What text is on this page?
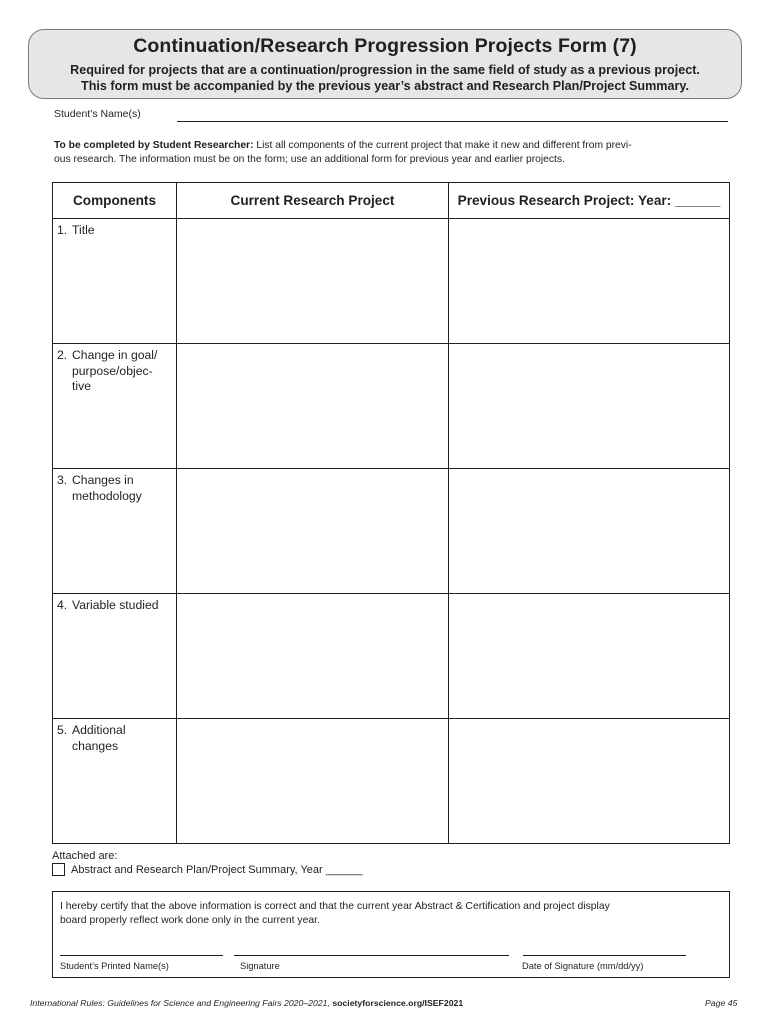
Continuation/Research Progression Projects Form (7)
Required for projects that are a continuation/progression in the same field of study as a previous project.
This form must be accompanied by the previous year’s abstract and Research Plan/Project Summary.
Student’s Name(s)
To be completed by Student Researcher: List all components of the current project that make it new and different from previ-
ous research. The information must be on the form; use an additional form for previous year and earlier projects.
Components	Current Research Project	Previous Research Project: Year: ______

1. Title		

2. Change in goal/
purpose/objec-
tive		

3. Changes in
methodology		

4. Variable studied		

5. Additional
changes		

Attached are:
Abstract and Research Plan/Project Summary, Year ______
I hereby certify that the above information is correct and that the current year Abstract & Certification and project display
board properly reflect work done only in the current year.
Student’s Printed Name(s)	Signature	Date of Signature (mm/dd/yy)
International Rules: Guidelines for Science and Engineering Fairs 2020–2021, societyforscience.org/ISEF2021	Page 45
